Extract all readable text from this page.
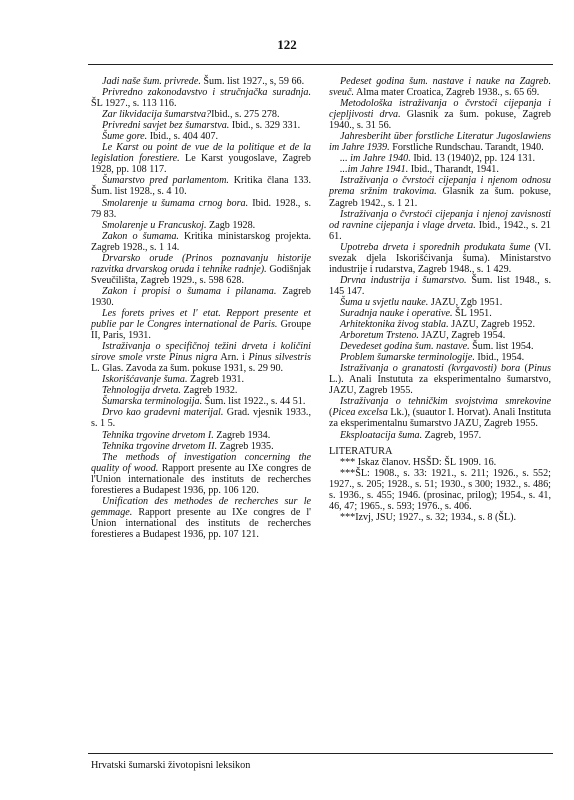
122

Jadi naše šum. privrede. Šum. list 1927., s, 59 66.

Privredno zakonodavstvo i stručnjačka suradnja. ŠL 1927., s. 113 116.

Zar likvidacija šumarstva?Ibid., s. 275 278.

Privredni savjet bez šumarstva. Ibid., s. 329 331.

Šume gore. Ibid., s. 404 407.

Le Karst ou point de vue de la politique et de la legislation forestiere. Le Karst yougoslave, Zagreb 1928, pp. 108 117.

Šumarstvo pred parlamentom. Kritika člana 133. Šum. list 1928., s. 4 10.

Smolarenje u šumama crnog bora. Ibid. 1928., s. 79 83.

Smolarenje u Francuskoj. Zagb 1928.

Zakon o šumama. Kritika ministarskog projekta. Zagreb 1928., s. 1 14.

Drvarsko orude (Prinos poznavanju historije razvitka drvarskog oruda i tehnike radnje). Godišnjak Sveučilišta, Zagreb 1929., s. 598 628.

Zakon i propisi o šumama i pilanama. Zagreb 1930.

Les forets prives et l' etat. Repport presente et publie par le Congres international de Paris. Groupe II, Paris, 1931.

Istraživanja o specifičnoj težini drveta i količini sirove smole vrste Pinus nigra Arn. i Pinus silvestris L. Glas. Zavoda za šum. pokuse 1931, s. 29 90.

Iskorišćavanje šuma. Zagreb 1931.

Tehnologija drveta. Zagreb 1932.

Šumarska terminologija. Šum. list 1922., s. 44 51.

Drvo kao gradevni materijal. Grad. vjesnik 1933., s. 1 5.

Tehnika trgovine drvetom I. Zagreb 1934.

Tehnika trgovine drvetom II. Zagreb 1935.

The methods of investigation concerning the quality of wood. Rapport presente au IXe congres de l'Union internationale des instituts de recherches forestieres a Budapest 1936, pp. 106 120.

Unification des methodes de recherches sur le gemmage. Rapport presente au IXe congres de l' Union international des instituts de recherches forestieres a Budapest 1936, pp. 107 121.

Pedeset godina šum. nastave i nauke na Zagreb. sveuč. Alma mater Croatica, Zagreb 1938., s. 65 69.

Metodološka istraživanja o čvrstoći cijepanja i cjepljivosti drva. Glasnik za šum. pokuse, Zagreb 1940., s. 31 56.

Jahresberiht über forstliche Literatur Jugoslawiens im Jahre 1939. Forstliche Rundschau. Tarandt, 1940.

... im Jahre 1940. Ibid. 13 (1940)2, pp. 124 131.

...im Jahre 1941. Ibid., Tharandt, 1941.

Istraživanja o čvrstoći cijepanja i njenom odnosu prema sržnim trakovima. Glasnik za šum. pokuse, Zagreb 1942., s. 1 21.

Istraživanja o čvrstoći cijepanja i njenoj zavisnosti od ravnine cijepanja i vlage drveta. Ibid., 1942., s. 21 61.

Upotreba drveta i sporednih produkata šume (VI. svezak djela Iskorišćivanja šuma). Ministarstvo industrije i rudarstva, Zagreb 1948., s. 1 429.

Drvna industrija i šumarstvo. Šum. list 1948., s. 145 147.

Šuma u svjetlu nauke. JAZU, Zgb 1951.

Suradnja nauke i operative. ŠL 1951.

Arhitektonika živog stabla. JAZU, Zagreb 1952.

Arboretum Trsteno. JAZU, Zagreb 1954.

Devedeset godina šum. nastave. Šum. list 1954.

Problem šumarske terminologije. Ibid., 1954.

Istraživanja o granatosti (kvrgavosti) bora (Pinus L.). Anali Instututa za eksperimentalno šumarstvo, JAZU, Zagreb 1955.

Istraživanja o tehničkim svojstvima smrekovine (Picea excelsa Lk.), (suautor I. Horvat). Anali Instituta za eksperimentalnu šumarstvo JAZU, Zagreb 1955.

Eksploatacija šuma. Zagreb, 1957.

LITERATURA

*** Iskaz članov. HSŠD: ŠL 1909. 16.

***ŠL: 1908., s. 33: 1921., s. 211; 1926., s. 552; 1927., s. 205; 1928., s. 51; 1930., s 300; 1932., s. 486; s. 1936., s. 455; 1946. (prosinac, prilog); 1954., s. 41, 46, 47; 1965., s. 593; 1976., s. 406.

***Izvj, JSU; 1927., s. 32; 1934., s. 8 (ŠL).

Hrvatski šumarski životopisni leksikon
